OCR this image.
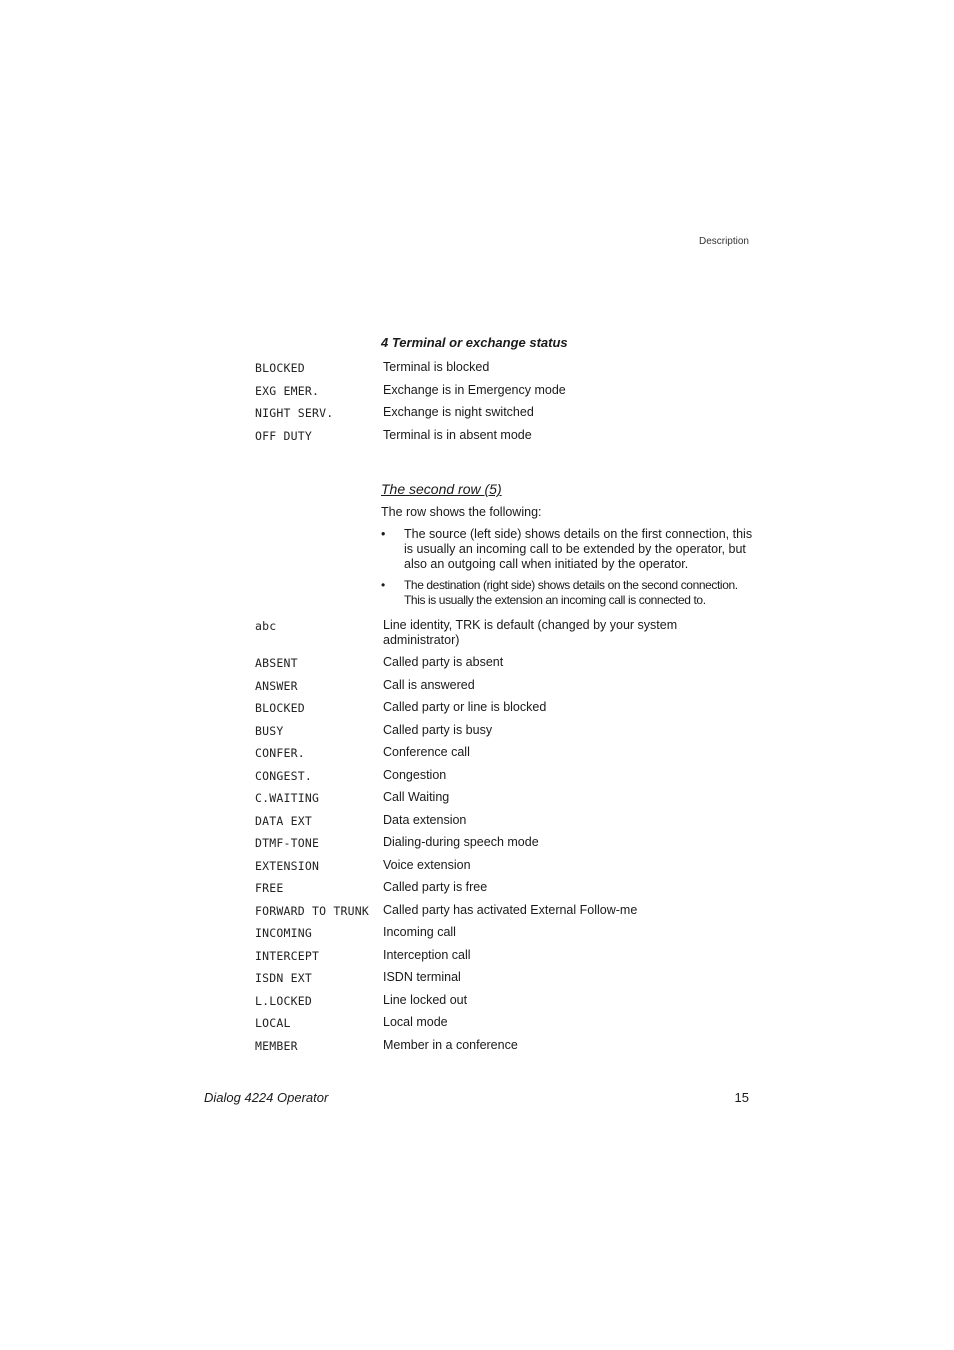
Description
4 Terminal or exchange status
BLOCKED	Terminal is blocked
EXG EMER.	Exchange is in Emergency mode
NIGHT SERV.	Exchange is night switched
OFF DUTY	Terminal is in absent mode
The second row (5)
The row shows the following:
• The source (left side) shows details on the first connection, this is usually an incoming call to be extended by the operator, but also an outgoing call when initiated by the operator.
• The destination (right side) shows details on the second connection. This is usually the extension an incoming call is connected to.
abc	Line identity, TRK is default (changed by your system administrator)
ABSENT	Called party is absent
ANSWER	Call is answered
BLOCKED	Called party or line is blocked
BUSY	Called party is busy
CONFER.	Conference call
CONGEST.	Congestion
C.WAITING	Call Waiting
DATA EXT	Data extension
DTMF-TONE	Dialing-during speech mode
EXTENSION	Voice extension
FREE	Called party is free
FORWARD TO TRUNK	Called party has activated External Follow-me
INCOMING	Incoming call
INTERCEPT	Interception call
ISDN EXT	ISDN terminal
L.LOCKED	Line locked out
LOCAL	Local mode
MEMBER	Member in a conference
Dialog 4224 Operator	15
